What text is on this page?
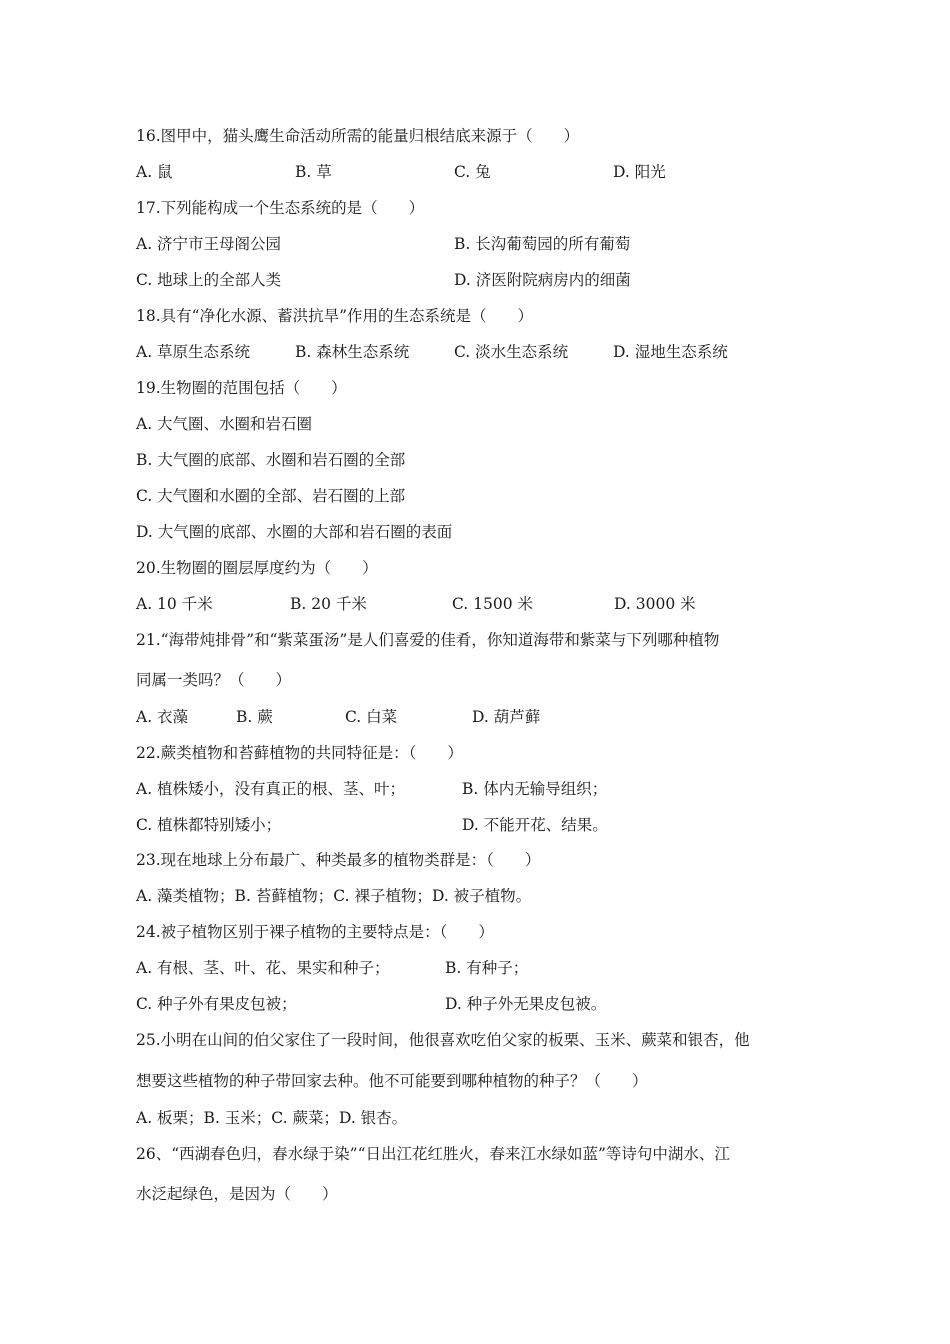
16.图甲中，猫头鹰生命活动所需的能量归根结底来源于（　　）
A. 鼠	B. 草	C. 兔	D. 阳光
17.下列能构成一个生态系统的是（　　）
A. 济宁市王母阁公园	B. 长沟葡萄园的所有葡萄
C. 地球上的全部人类	D. 济医附院病房内的细菌
18.具有“净化水源、蓄洪抗旱”作用的生态系统是（　　）
A. 草原生态系统	B. 森林生态系统	C. 淡水生态系统	D. 湿地生态系统
19.生物圈的范围包括（　　）
A. 大气圈、水圈和岩石圈
B. 大气圈的底部、水圈和岩石圈的全部
C. 大气圈和水圈的全部、岩石圈的上部
D. 大气圈的底部、水圈的大部和岩石圈的表面
20.生物圈的圈层厚度约为（　　）
A. 10 千米	B. 20 千米	C. 1500 米	D. 3000 米
21.“海带炖排骨”和“紫菜蛋汤”是人们喜爱的佳肴，你知道海带和紫菜与下列哪种植物
同属一类吗？（　　）
A. 衣藻	B. 蕨	C. 白菜	D. 葫芦藓
22.蕨类植物和苔藓植物的共同特征是：（　　）
A. 植株矮小，没有真正的根、茎、叶；	B. 体内无输导组织；
C. 植株都特别矮小；	D. 不能开花、结果。
23.现在地球上分布最广、种类最多的植物类群是：（　　）
A. 藻类植物；B. 苔藓植物；C. 裸子植物；D. 被子植物。
24.被子植物区别于裸子植物的主要特点是：（　　）
A. 有根、茎、叶、花、果实和种子；	B. 有种子；
C. 种子外有果皮包被；	D. 种子外无果皮包被。
25.小明在山间的伯父家住了一段时间，他很喜欢吃伯父家的板栗、玉米、蕨菜和银杏，他
想要这些植物的种子带回家去种。他不可能要到哪种植物的种子？（　　）
A. 板栗；B. 玉米；C. 蕨菜；D. 银杏。
26、“西湖春色归，春水绿于染”“日出江花红胜火，春来江水绿如蓝”等诗句中湖水、江
水泛起绿色，是因为（　　）
